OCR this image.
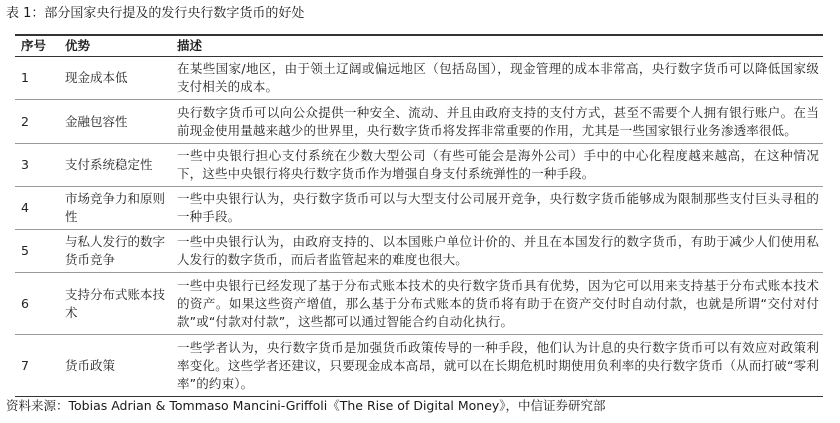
表 1：部分国家央行提及的发行央行数字货币的好处
序号	优势	描述
1	现金成本低	在某些国家/地区，由于领土辽阔或偏远地区（包括岛国），现金管理的成本非常高，央行数字货币可以降低国家级支付相关的成本。

2	金融包容性	央行数字货币可以向公众提供一种安全、流动、并且由政府支持的支付方式，甚至不需要个人拥有银行账户。在当前现金使用量越来越少的世界里，央行数字货币将发挥非常重要的作用，尤其是一些国家银行业务渗透率很低。

3	支付系统稳定性	一些中央银行担心支付系统在少数大型公司（有些可能会是海外公司）手中的中心化程度越来越高，在这种情况下，这些中央银行将央行数字货币作为增强自身支付系统弹性的一种手段。

4	市场竞争力和原则性	一些中央银行认为，央行数字货币可以与大型支付公司展开竞争，央行数字货币能够成为限制那些支付巨头寻租的一种手段。

5	与私人发行的数字货币竞争	一些中央银行认为，由政府支持的、以本国账户单位计价的、并且在本国发行的数字货币，有助于减少人们使用私人发行的数字货币，而后者监管起来的难度也很大。

6	支持分布式账本技术	一些中央银行已经发现了基于分布式账本技术的央行数字货币具有优势，因为它可以用来支持基于分布式账本技术的资产。如果这些资产增值，那么基于分布式账本的货币将有助于在资产交付时自动付款，也就是所谓“交付对付款”或“付款对付款”，这些都可以通过智能合约自动化执行。

7	货币政策	一些学者认为，央行数字货币是加强货币政策传导的一种手段，他们认为计息的央行数字货币可以有效应对政策利率变化。这些学者还建议，只要现金成本高昂，就可以在长期危机时期使用负利率的央行数字货币（从而打破“零利率”的约束）。
资料来源：Tobias Adrian & Tommaso Mancini-Griffoli《The Rise of Digital Money》，中信证券研究部
